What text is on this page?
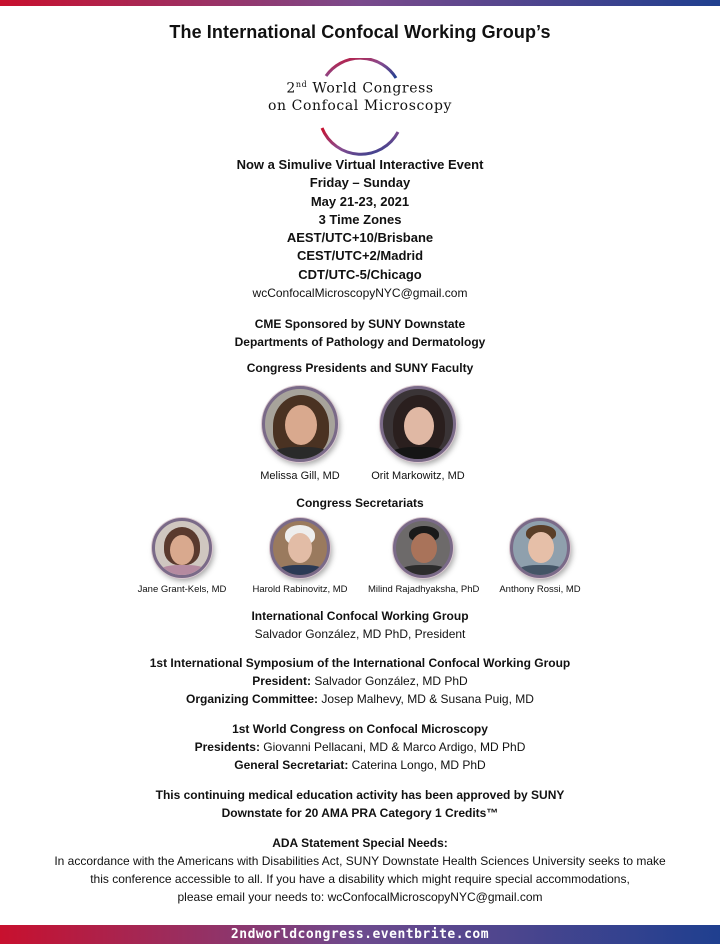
The International Confocal Working Group’s
2nd World Congress
on Confocal Microscopy
Now a Simulive Virtual Interactive Event
Friday – Sunday
May 21-23, 2021
3 Time Zones
AEST/UTC+10/Brisbane
CEST/UTC+2/Madrid
CDT/UTC-5/Chicago
wcConfocalMicroscopyNYC@gmail.com
CME Sponsored by SUNY Downstate
Departments of Pathology and Dermatology
Congress Presidents and SUNY Faculty
Melissa Gill, MD	Orit Markowitz, MD
Congress Secretariats
Jane Grant-Kels, MD	Harold Rabinovitz, MD Milind Rajadhyaksha, PhD	Anthony Rossi, MD
International Confocal Working Group
Salvador González, MD PhD, President
1st International Symposium of the International Confocal Working Group
President: Salvador González, MD PhD
Organizing Committee: Josep Malhevy, MD & Susana Puig, MD
1st World Congress on Confocal Microscopy
Presidents: Giovanni Pellacani, MD & Marco Ardigo, MD PhD
General Secretariat: Caterina Longo, MD PhD
This continuing medical education activity has been approved by SUNY
Downstate for 20 AMA PRA Category 1 Credits™
ADA Statement Special Needs:
In accordance with the Americans with Disabilities Act, SUNY Downstate Health Sciences University seeks to make
this conference accessible to all. If you have a disability which might require special accommodations,
please email your needs to: wcConfocalMicroscopyNYC@gmail.com
2ndworldcongress.eventbrite.com
